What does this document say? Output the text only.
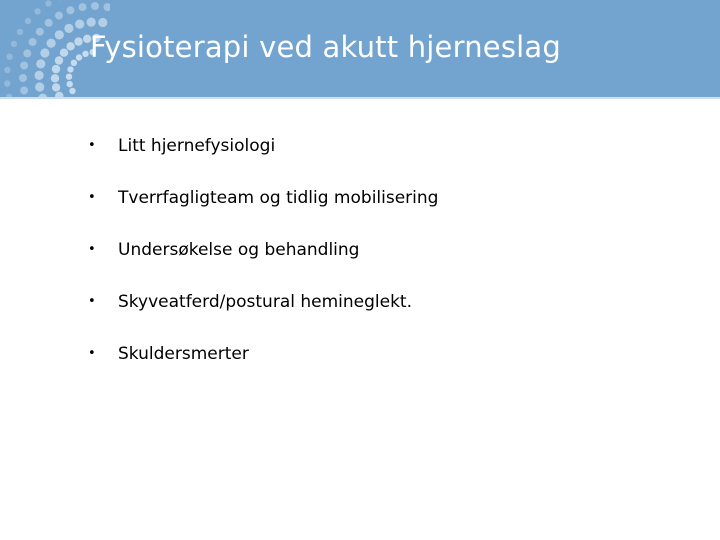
Fysioterapi ved akutt hjerneslag
• Litt hjernefysiologi
• Tverrfagligteam og tidlig mobilisering
• Undersøkelse og behandling
• Skyveatferd/postural hemineglekt.
• Skuldersmerter
